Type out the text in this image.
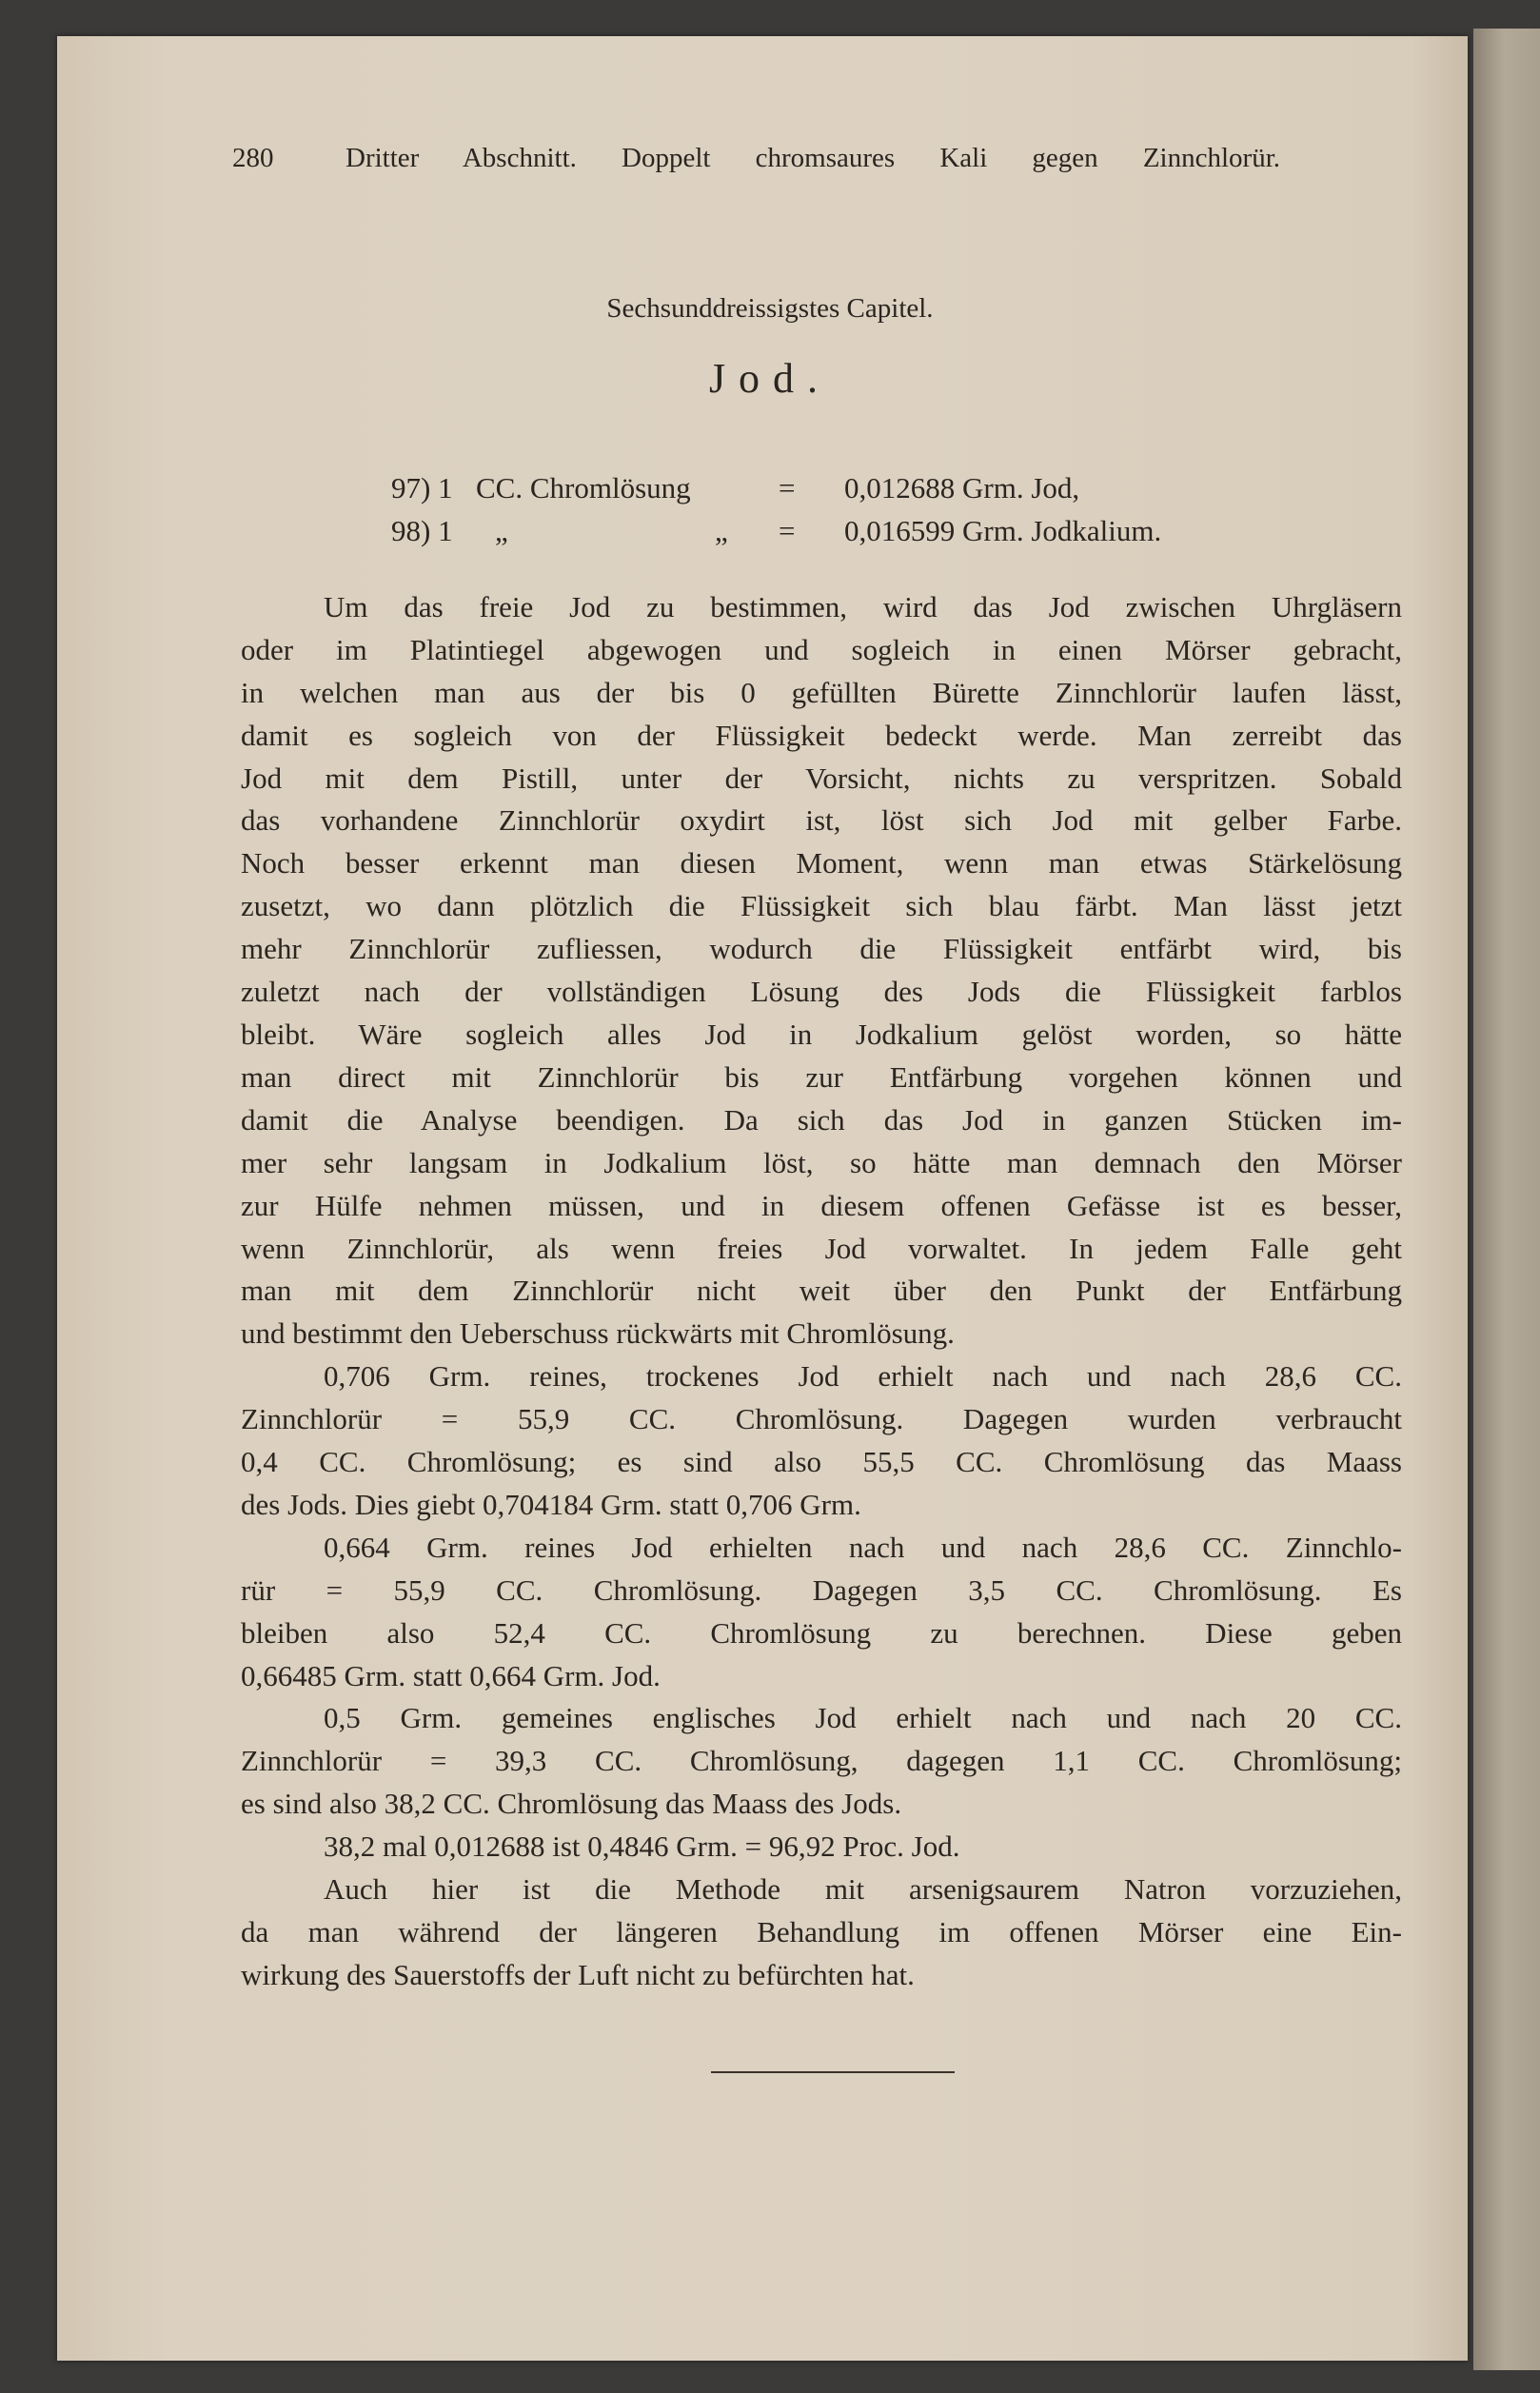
280	Dritter Abschnitt. Doppelt chromsaures Kali gegen Zinnchlorür.
Sechsunddreissigstes Capitel.
Jod.
97) 1 CC. Chromlösung	= 0,012688 Grm. Jod,
98) 1 „	„ = 0,016599 Grm. Jodkalium.
Um das freie Jod zu bestimmen, wird das Jod zwischen Uhrgläsern
oder im Platintiegel abgewogen und sogleich in einen Mörser gebracht,
in welchen man aus der bis 0 gefüllten Bürette Zinnchlorür laufen lässt,
damit es sogleich von der Flüssigkeit bedeckt werde. Man zerreibt das
Jod mit dem Pistill, unter der Vorsicht, nichts zu verspritzen. Sobald
das vorhandene Zinnchlorür oxydirt ist, löst sich Jod mit gelber Farbe.
Noch besser erkennt man diesen Moment, wenn man etwas Stärkelösung
zusetzt, wo dann plötzlich die Flüssigkeit sich blau färbt. Man lässt jetzt
mehr Zinnchlorür zufliessen, wodurch die Flüssigkeit entfärbt wird, bis
zuletzt nach der vollständigen Lösung des Jods die Flüssigkeit farblos
bleibt. Wäre sogleich alles Jod in Jodkalium gelöst worden, so hätte
man direct mit Zinnchlorür bis zur Entfärbung vorgehen können und
damit die Analyse beendigen. Da sich das Jod in ganzen Stücken im-
mer sehr langsam in Jodkalium löst, so hätte man demnach den Mörser
zur Hülfe nehmen müssen, und in diesem offenen Gefässe ist es besser,
wenn Zinnchlorür, als wenn freies Jod vorwaltet. In jedem Falle geht
man mit dem Zinnchlorür nicht weit über den Punkt der Entfärbung
und bestimmt den Ueberschuss rückwärts mit Chromlösung.
0,706 Grm. reines, trockenes Jod erhielt nach und nach 28,6 CC.
Zinnchlorür = 55,9 CC. Chromlösung. Dagegen wurden verbraucht
0,4 CC. Chromlösung; es sind also 55,5 CC. Chromlösung das Maass
des Jods. Dies giebt 0,704184 Grm. statt 0,706 Grm.
0,664 Grm. reines Jod erhielten nach und nach 28,6 CC. Zinnchlo-
rür = 55,9 CC. Chromlösung. Dagegen 3,5 CC. Chromlösung. Es
bleiben also 52,4 CC. Chromlösung zu berechnen. Diese geben
0,66485 Grm. statt 0,664 Grm. Jod.
0,5 Grm. gemeines englisches Jod erhielt nach und nach 20 CC.
Zinnchlorür = 39,3 CC. Chromlösung, dagegen 1,1 CC. Chromlösung;
es sind also 38,2 CC. Chromlösung das Maass des Jods.
38,2 mal 0,012688 ist 0,4846 Grm. = 96,92 Proc. Jod.
Auch hier ist die Methode mit arsenigsaurem Natron vorzuziehen,
da man während der längeren Behandlung im offenen Mörser eine Ein-
wirkung des Sauerstoffs der Luft nicht zu befürchten hat.
